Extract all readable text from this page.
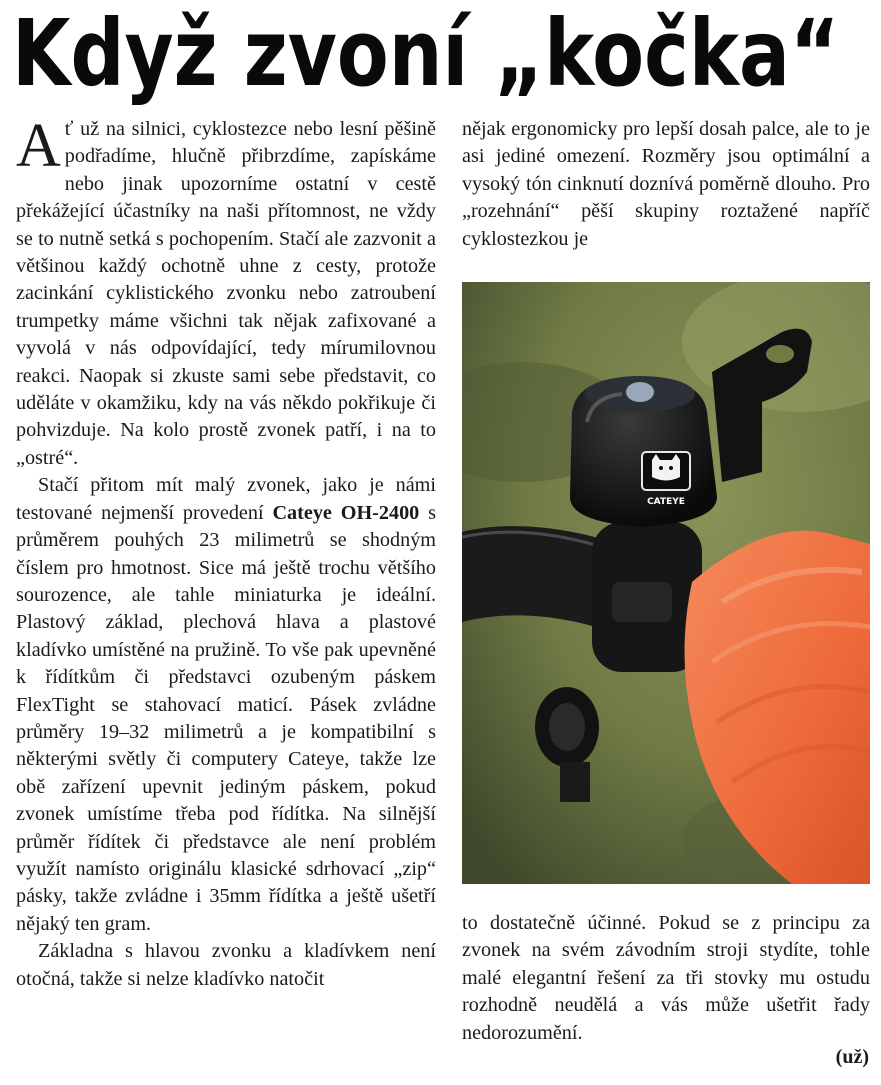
Když zvoní „kočka“

Ať už na silnici, cyklostezce nebo lesní pěšině podřadíme, hlučně přibrzdíme, zapískáme nebo jinak upozorníme ostatní v cestě překážející účastníky na naši přítomnost, ne vždy se to nutně setká s pochopením. Stačí ale zazvonit a většinou každý ochotně uhne z cesty, protože zacinkání cyklistického zvonku nebo zatroubení trumpetky máme všichni tak nějak zafixované a vyvolá v nás odpovídající, tedy mírumilovnou reakci. Naopak si zkuste sami sebe představit, co uděláte v okamžiku, kdy na vás někdo pokřikuje či pohvizduje. Na kolo prostě zvonek patří, i na to „ostré“.

Stačí přitom mít malý zvonek, jako je námi testované nejmenší provedení Cateye OH-2400 s průměrem pouhých 23 milimetrů se shodným číslem pro hmotnost. Sice má ještě trochu většího sourozence, ale tahle miniaturka je ideální. Plastový základ, plechová hlava a plastové kladívko umístěné na pružině. To vše pak upevněné k řídítkům či představci ozubeným páskem FlexTight se stahovací maticí. Pásek zvládne průměry 19–32 milimetrů a je kompatibilní s některými světly či computery Cateye, takže lze obě zařízení upevnit jediným páskem, pokud zvonek umístíme třeba pod řídítka. Na silnější průměr řídítek či představce ale není problém využít namísto originálu klasické sdrhovací „zip“ pásky, takže zvládne i 35mm řídítka a ještě ušetří nějaký ten gram.

Základna s hlavou zvonku a kladívkem není otočná, takže si nelze kladívko natočit

nějak ergonomicky pro lepší dosah palce, ale to je asi jediné omezení. Rozměry jsou optimální a vysoký tón cinknutí doznívá poměrně dlouho. Pro „rozehnání“ pěší skupiny roztažené napříč cyklostezkou je

CATEYE

to dostatečně účinné. Pokud se z principu za zvonek na svém závodním stroji stydíte, tohle malé elegantní řešení za tři stovky mu ostudu rozhodně neudělá a vás může ušetřit řady nedorozumění.

(už)
